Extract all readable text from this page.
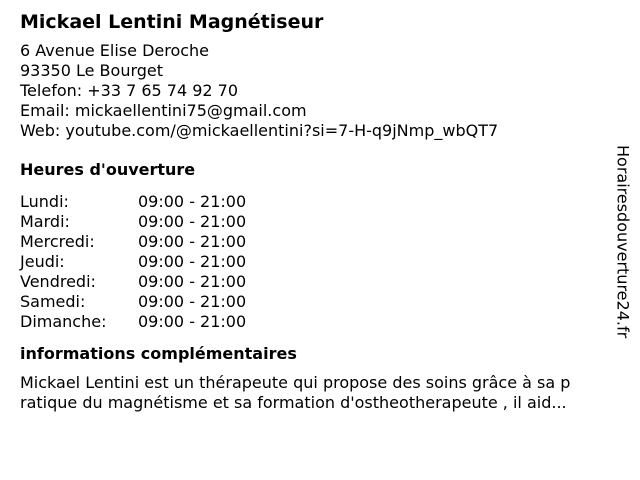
Mickael Lentini Magnétiseur
6 Avenue Elise Deroche
93350 Le Bourget
Telefon: +33 7 65 74 92 70
Email: mickaellentini75@gmail.com
Web: youtube.com/@mickaellentini?si=7-H-q9jNmp_wbQT7
Heures d'ouverture
Lundi:	09:00 - 21:00
Mardi:	09:00 - 21:00
Mercredi:	09:00 - 21:00
Jeudi:	09:00 - 21:00
Vendredi:	09:00 - 21:00
Samedi:	09:00 - 21:00
Dimanche:	09:00 - 21:00
informations complémentaires
Mickael Lentini est un thérapeute qui propose des soins grâce à sa p
ratique du magnétisme et sa formation d'ostheotherapeute , il aid...
Horairesdouverture24.fr
